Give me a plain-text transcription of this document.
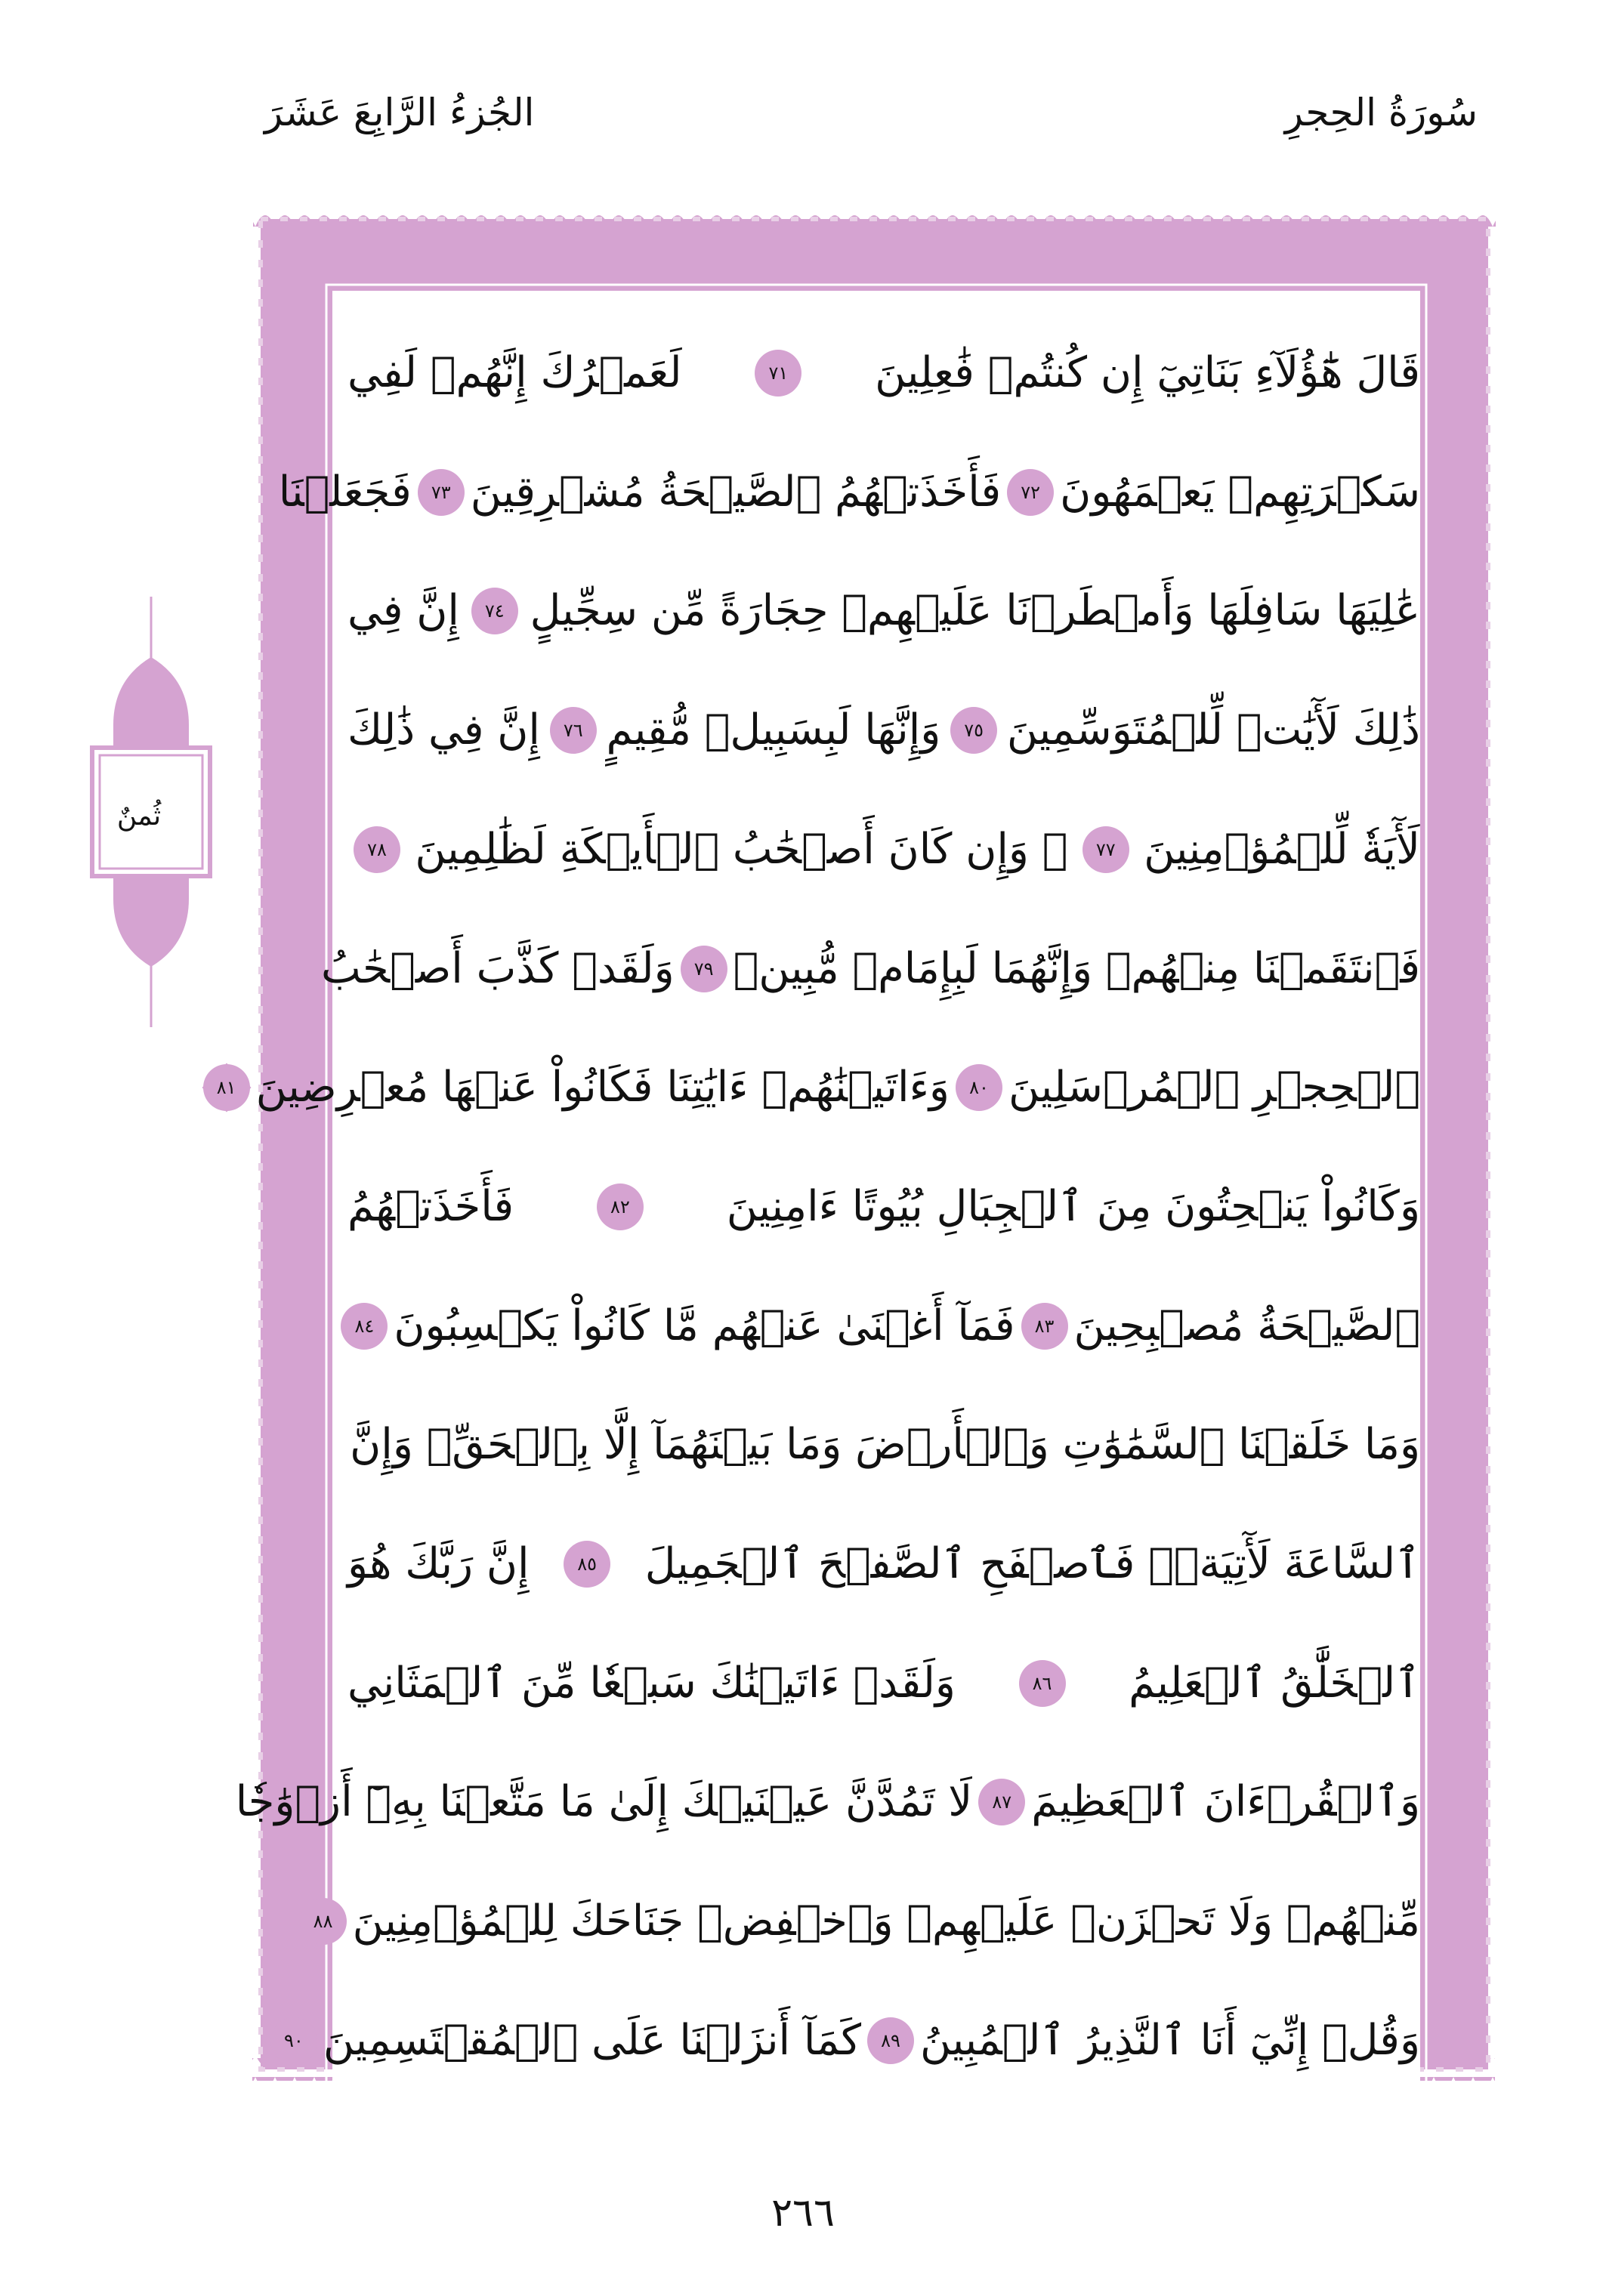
سُورَةُ الحِجرِ
الجُزءُ الرَّابِعَ عَشَرَ
ثُمنٌ
قَالَ هَٰٓؤُلَآءِ بَنَاتِيٓ إِن كُنتُمۡ فَٰعِلِينَ
٧١
لَعَمۡرُكَ إِنَّهُمۡ لَفِي
سَكۡرَتِهِمۡ يَعۡمَهُونَ
٧٢
فَأَخَذَتۡهُمُ ٱلصَّيۡحَةُ مُشۡرِقِينَ
٧٣
فَجَعَلۡنَا
عَٰلِيَهَا سَافِلَهَا وَأَمۡطَرۡنَا عَلَيۡهِمۡ حِجَارَةً مِّن سِجِّيلٍ
٧٤
إِنَّ فِي
ذَٰلِكَ لَأٓيَٰتٖ لِّلۡمُتَوَسِّمِينَ
٧٥
وَإِنَّهَا لَبِسَبِيلٖ مُّقِيمٍ
٧٦
إِنَّ فِي ذَٰلِكَ
لَأٓيَةٗ لِّلۡمُؤۡمِنِينَ
٧٧
۞ وَإِن كَانَ أَصۡحَٰبُ ٱلۡأَيۡكَةِ لَظَٰلِمِينَ
٧٨
فَٱنتَقَمۡنَا مِنۡهُمۡ وَإِنَّهُمَا لَبِإِمَامٖ مُّبِينٖ
٧٩
وَلَقَدۡ كَذَّبَ أَصۡحَٰبُ
ٱلۡحِجۡرِ ٱلۡمُرۡسَلِينَ
٨٠
وَءَاتَيۡنَٰهُمۡ ءَايَٰتِنَا فَكَانُواْ عَنۡهَا مُعۡرِضِينَ
٨١
وَكَانُواْ يَنۡحِتُونَ مِنَ ٱلۡجِبَالِ بُيُوتًا ءَامِنِينَ
٨٢
فَأَخَذَتۡهُمُ
ٱلصَّيۡحَةُ مُصۡبِحِينَ
٨٣
فَمَآ أَغۡنَىٰ عَنۡهُم مَّا كَانُواْ يَكۡسِبُونَ
٨٤
وَمَا خَلَقۡنَا ٱلسَّمَٰوَٰتِ وَٱلۡأَرۡضَ وَمَا بَيۡنَهُمَآ إِلَّا بِٱلۡحَقِّۗ وَإِنَّ
ٱلسَّاعَةَ لَأٓتِيَةٞۖ فَٱصۡفَحِ ٱلصَّفۡحَ ٱلۡجَمِيلَ
٨٥
إِنَّ رَبَّكَ هُوَ
ٱلۡخَلَّٰقُ ٱلۡعَلِيمُ
٨٦
وَلَقَدۡ ءَاتَيۡنَٰكَ سَبۡعٗا مِّنَ ٱلۡمَثَانِي
وَٱلۡقُرۡءَانَ ٱلۡعَظِيمَ
٨٧
لَا تَمُدَّنَّ عَيۡنَيۡكَ إِلَىٰ مَا مَتَّعۡنَا بِهِۦٓ أَزۡوَٰجٗا
مِّنۡهُمۡ وَلَا تَحۡزَنۡ عَلَيۡهِمۡ وَٱخۡفِضۡ جَنَاحَكَ لِلۡمُؤۡمِنِينَ
٨٨
وَقُلۡ إِنِّيٓ أَنَا ٱلنَّذِيرُ ٱلۡمُبِينُ
٨٩
كَمَآ أَنزَلۡنَا عَلَى ٱلۡمُقۡتَسِمِينَ
٩٠
٢٦٦
